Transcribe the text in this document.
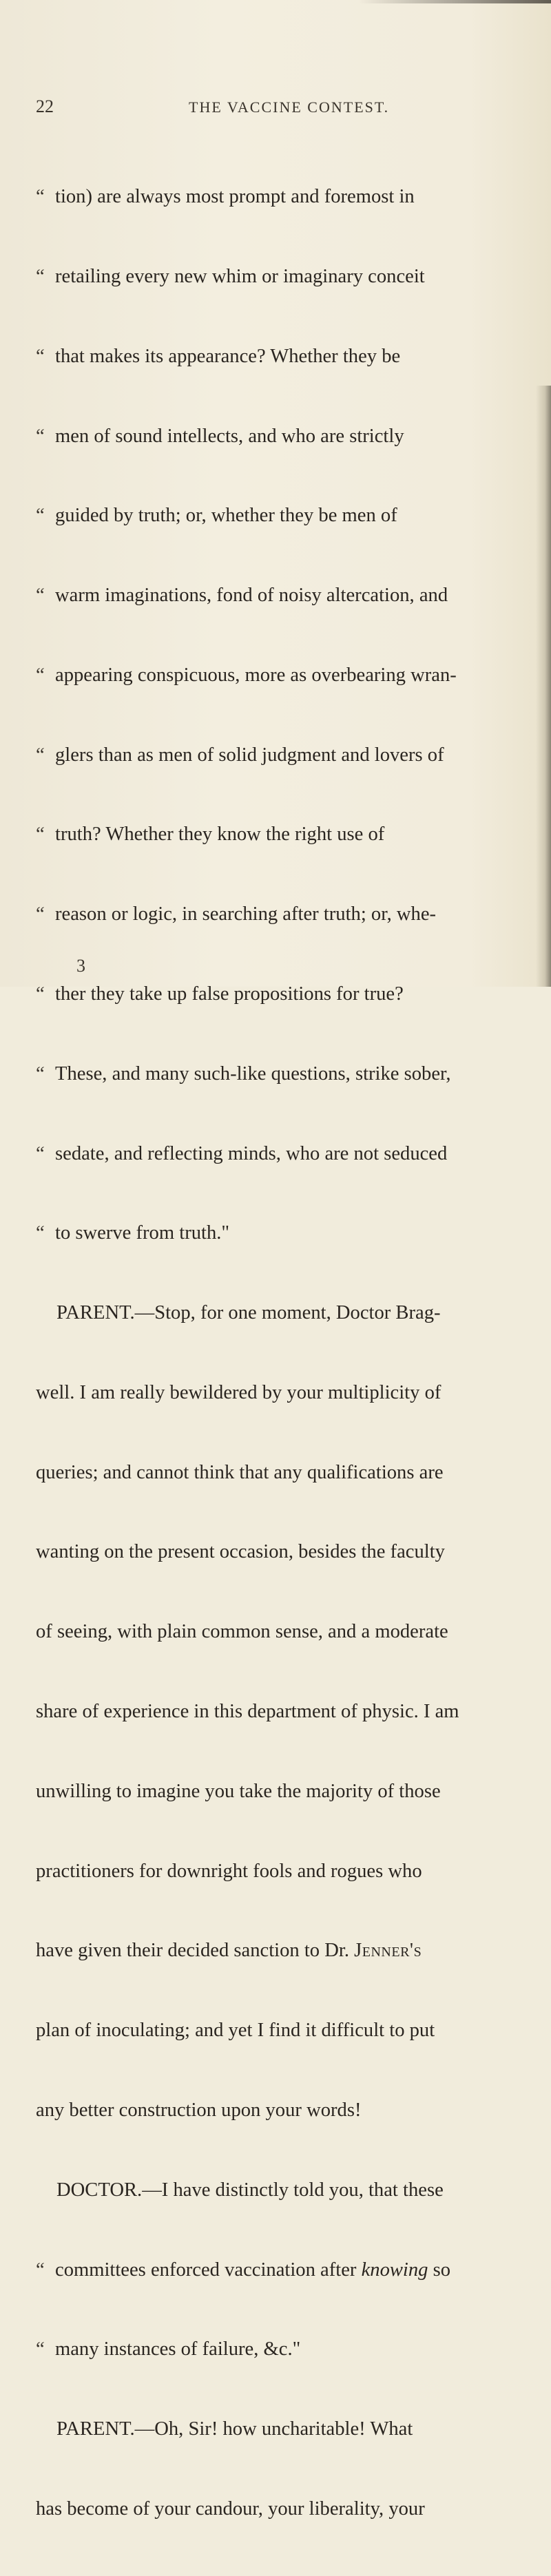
22	THE VACCINE CONTEST.

“ tion) are always most prompt and foremost in

“ retailing every new whim or imaginary conceit

“ that makes its appearance? Whether they be

“ men of sound intellects, and who are strictly

“ guided by truth; or, whether they be men of

“ warm imaginations, fond of noisy altercation, and

“ appearing conspicuous, more as overbearing wran-

“ glers than as men of solid judgment and lovers of

“ truth? Whether they know the right use of

“ reason or logic, in searching after truth; or, whe-

“ ther they take up false propositions for true?

“ These, and many such-like questions, strike sober,

“ sedate, and reflecting minds, who are not seduced

“ to swerve from truth."

PARENT.—Stop, for one moment, Doctor Brag-

well. I am really bewildered by your multiplicity of

queries; and cannot think that any qualifications are

wanting on the present occasion, besides the faculty

of seeing, with plain common sense, and a moderate

share of experience in this department of physic. I am

unwilling to imagine you take the majority of those

practitioners for downright fools and rogues who

have given their decided sanction to Dr. Jenner's

plan of inoculating; and yet I find it difficult to put

any better construction upon your words!

DOCTOR.—I have distinctly told you, that these

“ committees enforced vaccination after knowing so

“ many instances of failure, &c."

PARENT.—Oh, Sir! how uncharitable! What

has become of your candour, your liberality, your

3
